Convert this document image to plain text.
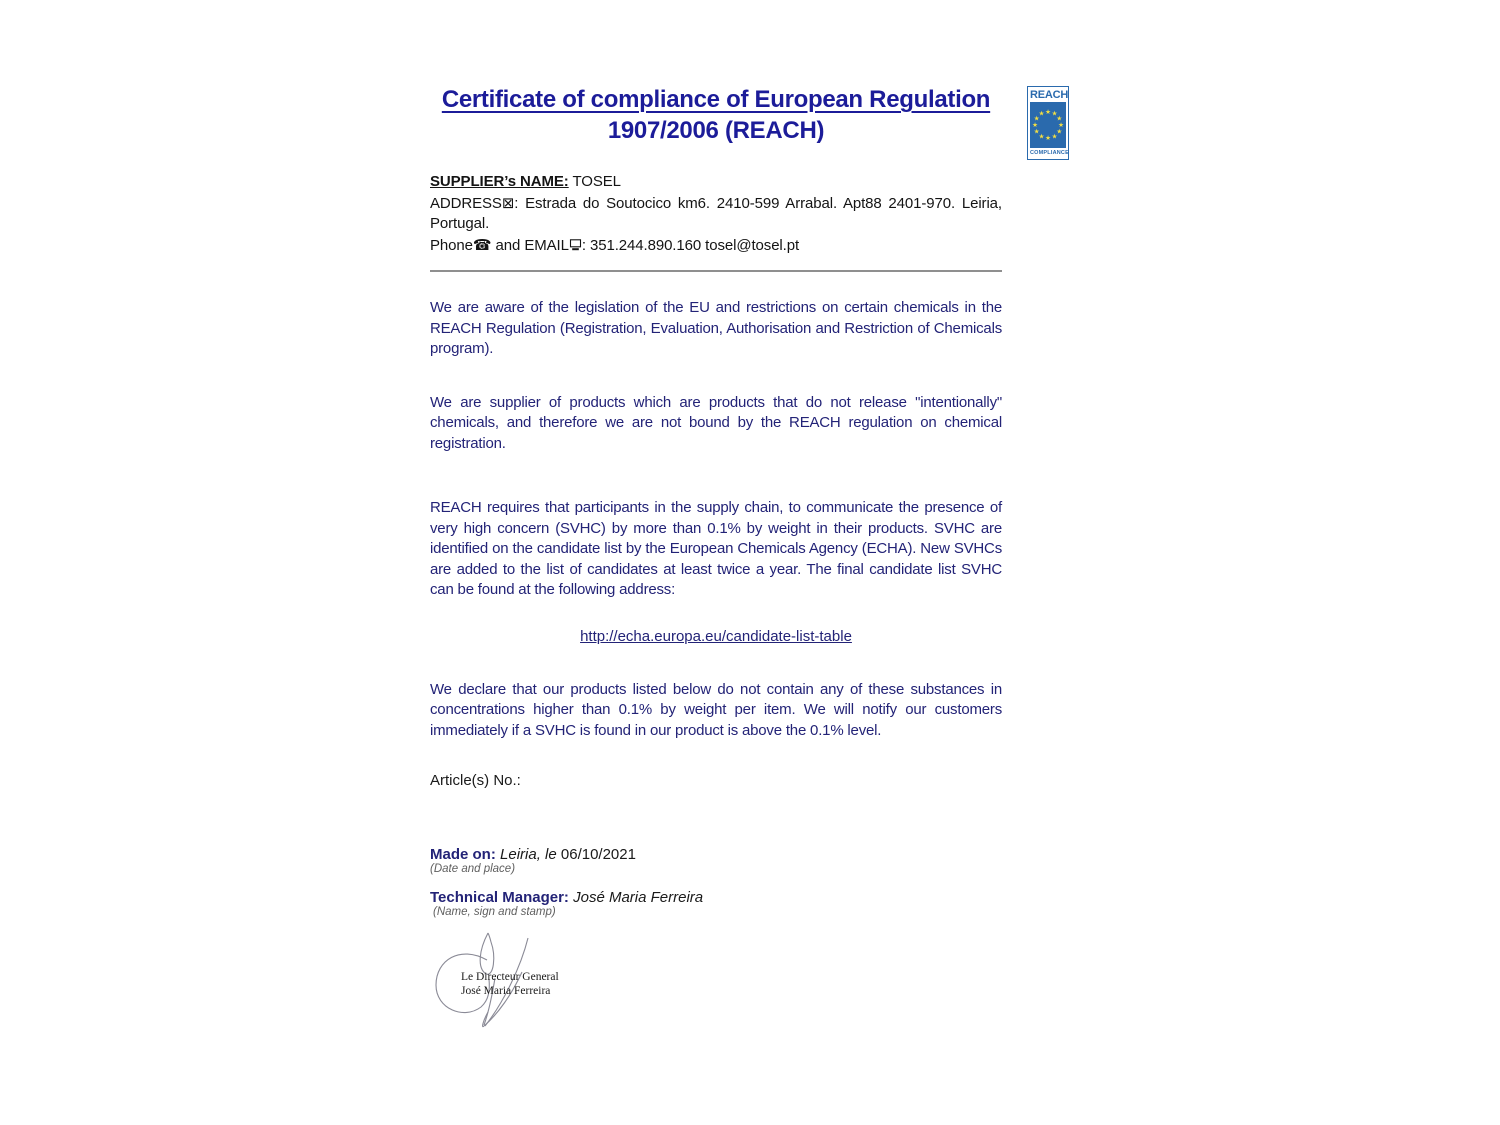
Certificate of compliance of European Regulation
1907/2006 (REACH)
SUPPLIER’s NAME: TOSEL
ADDRESS⊠: Estrada do Soutocico km6. 2410-599 Arrabal. Apt88 2401-970. Leiria, Portugal.
Phone☎ and EMAIL : 351.244.890.160 tosel@tosel.pt
We are aware of the legislation of the EU and restrictions on certain chemicals in the REACH Regulation (Registration, Evaluation, Authorisation and Restriction of Chemicals program).
We are supplier of products which are products that do not release "intentionally" chemicals, and therefore we are not bound by the REACH regulation on chemical registration.
REACH requires that participants in the supply chain, to communicate the presence of very high concern (SVHC) by more than 0.1% by weight in their products. SVHC are identified on the candidate list by the European Chemicals Agency (ECHA). New SVHCs are added to the list of candidates at least twice a year. The final candidate list SVHC can be found at the following address:
http://echa.europa.eu/candidate-list-table
We declare that our products listed below do not contain any of these substances in concentrations higher than 0.1% by weight per item. We will notify our customers immediately if a SVHC is found in our product is above the 0.1% level.
Article(s) No.:
Made on: Leiria, le 06/10/2021
(Date and place)
Technical Manager: José Maria Ferreira
(Name, sign and stamp)
Le Directeur General
José Maria Ferreira
REACH
★ ★
★
★
★
★
★
★
★
★
★
★
COMPLIANCE
